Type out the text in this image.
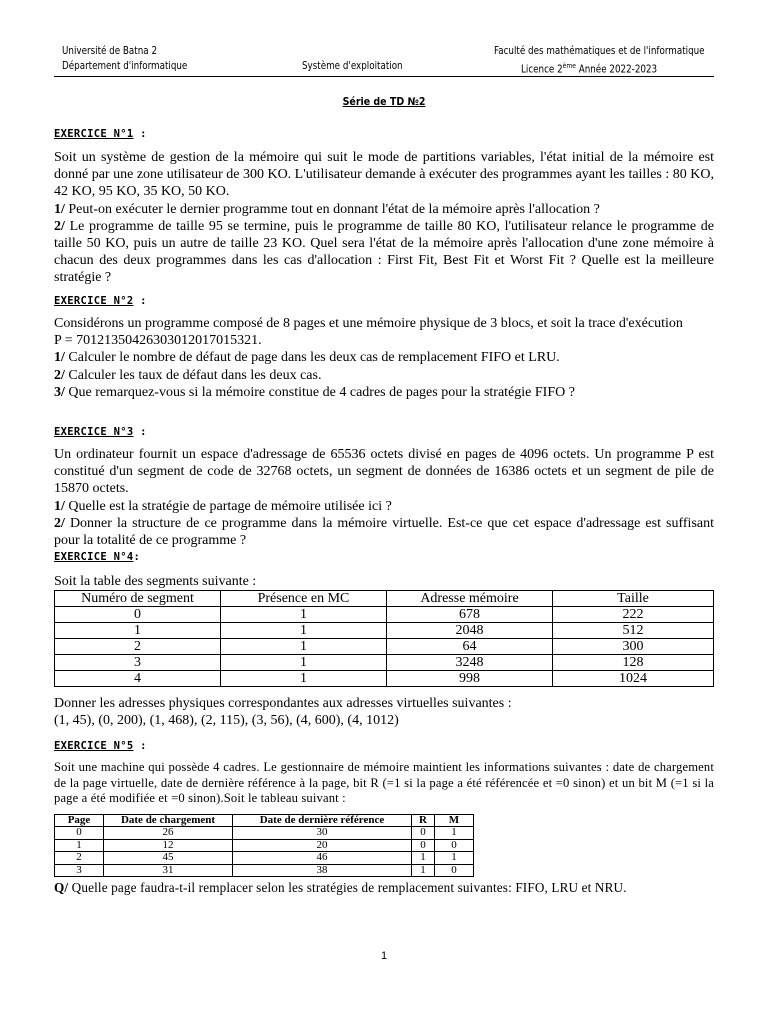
Université de Batna 2
Département d'informatique	Système d'exploitation
Faculté des mathématiques et de l'informatique
Licence 2ème Année 2022-2023
Série de TD №2
EXERCICE N°1 :

Soit un système de gestion de la mémoire qui suit le mode de partitions variables, l'état initial de la mémoire est donné par une zone utilisateur de 300 KO. L'utilisateur demande à exécuter des programmes ayant les tailles : 80 KO, 42 KO, 95 KO, 35 KO, 50 KO.

1/ Peut-on exécuter le dernier programme tout en donnant l'état de la mémoire après l'allocation ?

2/ Le programme de taille 95 se termine, puis le programme de taille 80 KO, l'utilisateur relance le programme de taille 50 KO, puis un autre de taille 23 KO. Quel sera l'état de la mémoire après l'allocation d'une zone mémoire à chacun des deux programmes dans les cas d'allocation : First Fit, Best Fit et Worst Fit ? Quelle est la meilleure stratégie ?

EXERCICE N°2 :

Considérons un programme composé de 8 pages et une mémoire physique de 3 blocs, et soit la trace d'exécution

P = 70121350426303012017015321.

1/ Calculer le nombre de défaut de page dans les deux cas de remplacement FIFO et LRU.

2/ Calculer les taux de défaut dans les deux cas.

3/ Que remarquez-vous si la mémoire constitue de 4 cadres de pages pour la stratégie FIFO ?

EXERCICE N°3 :

Un ordinateur fournit un espace d'adressage de 65536 octets divisé en pages de 4096 octets. Un programme P est constitué d'un segment de code de 32768 octets, un segment de données de 16386 octets et un segment de pile de 15870 octets.

1/ Quelle est la stratégie de partage de mémoire utilisée ici ?

2/ Donner la structure de ce programme dans la mémoire virtuelle. Est-ce que cet espace d'adressage est suffisant pour la totalité de ce programme ?

EXERCICE N°4:
Soit la table des segments suivante :
Numéro de segment	Présence en MC	Adresse mémoire	Taille
0	1	678	222
1	1	2048	512
2	1	64	300
3	1	3248	128
4	1	998	1024

Donner les adresses physiques correspondantes aux adresses virtuelles suivantes :

(1, 45), (0, 200), (1, 468), (2, 115), (3, 56), (4, 600), (4, 1012)

EXERCICE N°5 :
Soit une machine qui possède 4 cadres. Le gestionnaire de mémoire maintient les informations suivantes : date de chargement de la page virtuelle, date de dernière référence à la page, bit R (=1 si la page a été référencée et =0 sinon) et un bit M (=1 si la page a été modifiée et =0 sinon).Soit le tableau suivant :
Page	Date de chargement	Date de dernière référence	R	M
0	26	30	0	1
1	12	20	0	0
2	45	46	1	1
3	31	38	1	0

Q/ Quelle page faudra-t-il remplacer selon les stratégies de remplacement suivantes: FIFO, LRU et NRU.

1
